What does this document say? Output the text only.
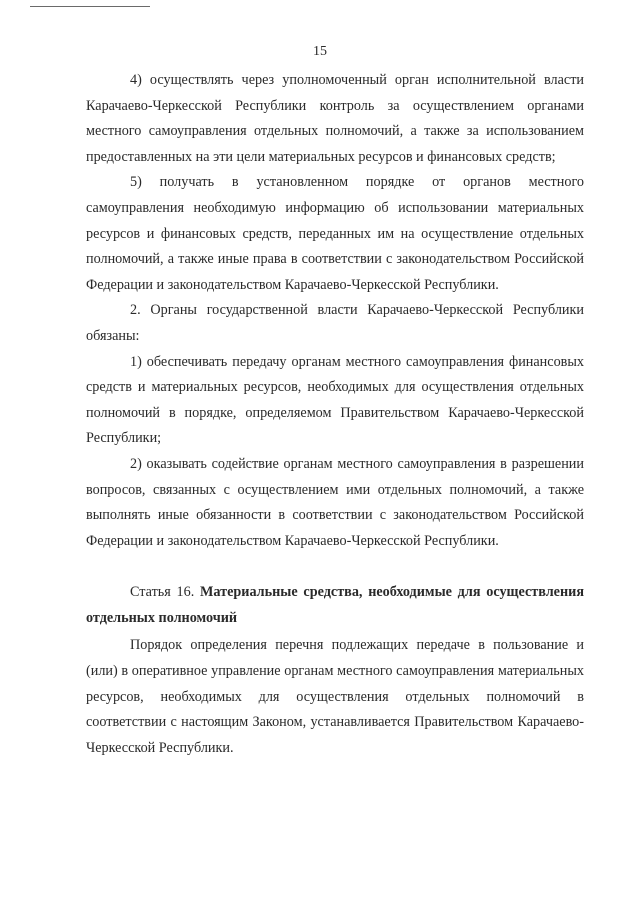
15

4) осуществлять через уполномоченный орган исполнительной власти Карачаево-Черкесской Республики контроль за осуществлением органами местного самоуправления отдельных полномочий, а также за использованием предоставленных на эти цели материальных ресурсов и финансовых средств;

5) получать в установленном порядке от органов местного самоуправления необходимую информацию об использовании материальных ресурсов и финансовых средств, переданных им на осуществление отдельных полномочий, а также иные права в соответствии с законодательством Российской Федерации и законодательством Карачаево-Черкесской Республики.

2. Органы государственной власти Карачаево-Черкесской Республики обязаны:

1) обеспечивать передачу органам местного самоуправления финансовых средств и материальных ресурсов, необходимых для осуществления отдельных полномочий в порядке, определяемом Правительством Карачаево-Черкесской Республики;

2) оказывать содействие органам местного самоуправления в разрешении вопросов, связанных с осуществлением ими отдельных полномочий, а также выполнять иные обязанности в соответствии с законодательством Российской Федерации и законодательством Карачаево-Черкесской Республики.

Статья 16. Материальные средства, необходимые для осуществления отдельных полномочий

Порядок определения перечня подлежащих передаче в пользование и (или) в оперативное управление органам местного самоуправления материальных ресурсов, необходимых для осуществления отдельных полномочий в соответствии с настоящим Законом, устанавливается Правительством Карачаево-Черкесской Республики.
